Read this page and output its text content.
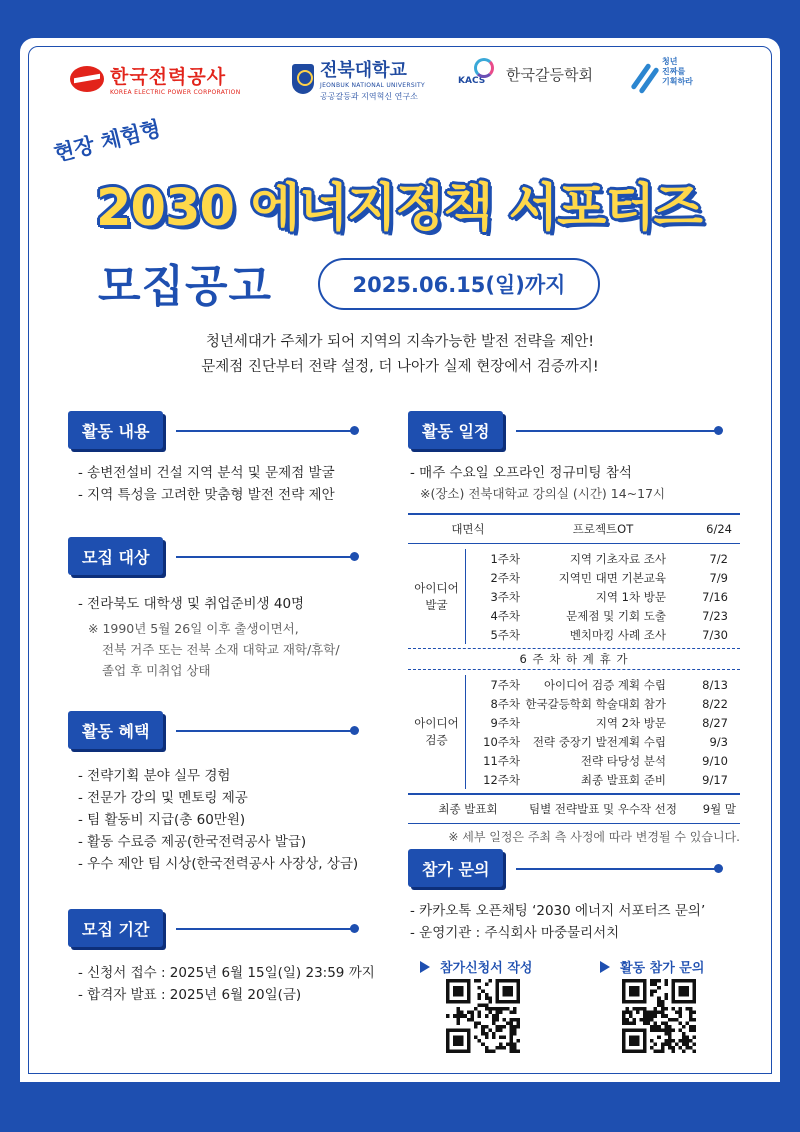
한국전력공사
KOREA ELECTRIC POWER CORPORATION
전북대학교
JEONBUK NATIONAL UNIVERSITY
공공갈등과 지역혁신 연구소
KACS 한국갈등학회
청년
진짜를
기획하라
현장 체험형
2030 에너지정책 서포터즈
모집공고	2025.06.15(일)까지
청년세대가 주체가 되어 지역의 지속가능한 발전 전략을 제안!
문제점 진단부터 전략 설정, 더 나아가 실제 현장에서 검증까지!
활동 내용
- 송변전설비 건설 지역 분석 및 문제점 발굴
- 지역 특성을 고려한 맞춤형 발전 전략 제안
모집 대상
- 전라북도 대학생 및 취업준비생 40명
※ 1990년 5월 26일 이후 출생이면서,
전북 거주 또는 전북 소재 대학교 재학/휴학/
졸업 후 미취업 상태
활동 혜택
- 전략기획 분야 실무 경험
- 전문가 강의 및 멘토링 제공
- 팀 활동비 지급(총 60만원)
- 활동 수료증 제공(한국전력공사 발급)
- 우수 제안 팀 시상(한국전력공사 사장상, 상금)
모집 기간
- 신청서 접수 : 2025년 6월 15일(일) 23:59 까지
- 합격자 발표 : 2025년 6월 20일(금)
활동 일정
- 매주 수요일 오프라인 정규미팅 참석
※(장소) 전북대학교 강의실 (시간) 14~17시
대면식	프로젝트OT	6/24
아이디어
발굴
1주차	지역 기초자료 조사	7/2
2주차	지역민 대면 기본교육	7/9
3주차	지역 1차 방문	7/16
4주차	문제점 및 기회 도출	7/23
5주차	벤치마킹 사례 조사	7/30
6 주 차 하 계 휴 가
아이디어
검증
7주차	아이디어 검증 계획 수립	8/13
8주차 한국갈등학회 학술대회 참가	8/22
9주차	지역 2차 방문	8/27
10주차	전략 중장기 발전계획 수립	9/3
11주차	전략 타당성 분석	9/10
12주차	최종 발표회 준비	9/17
최종 발표회	팀별 전략발표 및 우수작 선정	9월 말
※ 세부 일정은 주최 측 사정에 따라 변경될 수 있습니다.
참가 문의
- 카카오톡 오픈채팅 ‘2030 에너지 서포터즈 문의’
- 운영기관 : 주식회사 마중물리서치
참가신청서 작성	활동 참가 문의
